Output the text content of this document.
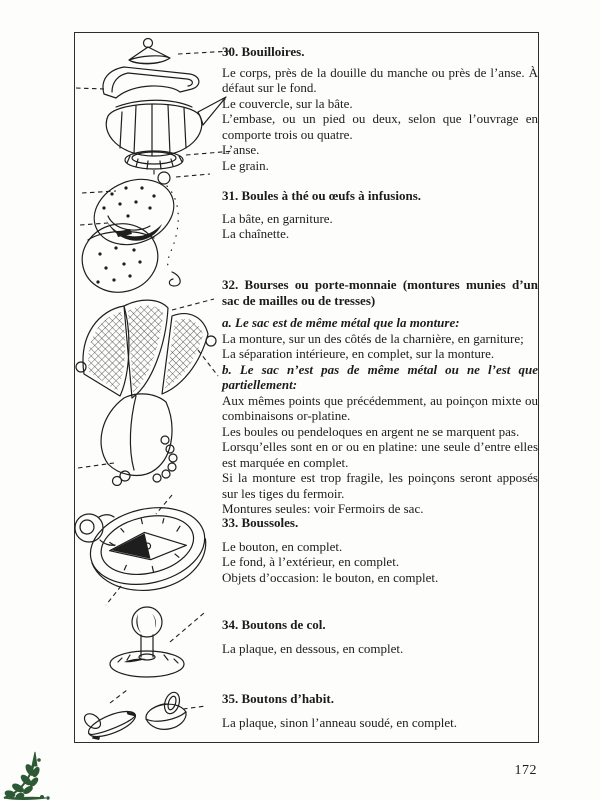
30. Bouilloires.
Le corps, près de la douille du manche ou près de l’anse. À défaut sur le fond.
Le couvercle, sur la bâte.
L’embase, ou un pied ou deux, selon que l’ouvrage en comporte trois ou quatre.
L’anse.
Le grain.
31. Boules à thé ou œufs à infusions.
La bâte, en garniture.
La chaînette.
32. Bourses ou porte-monnaie (montures munies d’un sac de mailles ou de tresses)
a. Le sac est de même métal que la monture:
La monture, sur un des côtés de la charnière, en garniture;
La séparation intérieure, en complet, sur la monture.
b. Le sac n’est pas de même métal ou ne l’est que partiellement:
Aux mêmes points que précédemment, au poinçon mixte ou combinaisons or-platine.
Les boules ou pendeloques en argent ne se marquent pas.
Lorsqu’elles sont en or ou en platine: une seule d’entre elles est marquée en complet.
Si la monture est trop fragile, les poinçons seront apposés sur les tiges du fermoir.
Montures seules: voir Fermoirs de sac.
33. Boussoles.
Le bouton, en complet.
Le fond, à l’extérieur, en complet.
Objets d’occasion: le bouton, en complet.
34. Boutons de col.
La plaque, en dessous, en complet.
35. Boutons d’habit.
La plaque, sinon l’anneau soudé, en complet.
172
